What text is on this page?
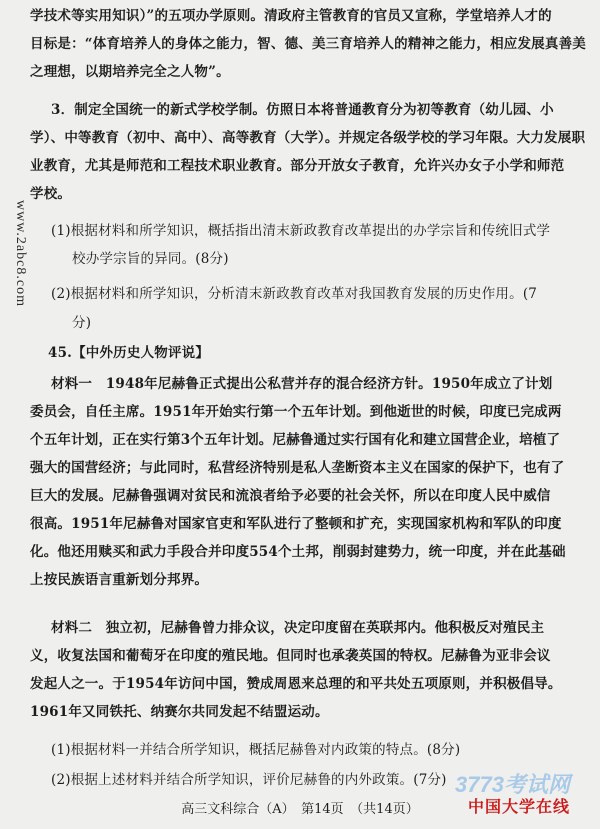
www.2abc8.com
学技术等实用知识）”的五项办学原则。清政府主管教育的官员又宣称，学堂培养人才的
目标是：“体育培养人的身体之能力，智、德、美三育培养人的精神之能力，相应发展真善美
之理想，以期培养完全之人物”。
3．制定全国统一的新式学校学制。仿照日本将普通教育分为初等教育（幼儿园、小
学）、中等教育（初中、高中）、高等教育（大学）。并规定各级学校的学习年限。大力发展职
业教育，尤其是师范和工程技术职业教育。部分开放女子教育，允许兴办女子小学和师范
学校。
(1)根据材料和所学知识，概括指出清末新政教育改革提出的办学宗旨和传统旧式学
校办学宗旨的异同。(8分)
(2)根据材料和所学知识，分析清末新政教育改革对我国教育发展的历史作用。(7
分)
45.【中外历史人物评说】
材料一　1948年尼赫鲁正式提出公私营并存的混合经济方针。1950年成立了计划
委员会，自任主席。1951年开始实行第一个五年计划。到他逝世的时候，印度已完成两
个五年计划，正在实行第3个五年计划。尼赫鲁通过实行国有化和建立国营企业，培植了
强大的国营经济；与此同时，私营经济特别是私人垄断资本主义在国家的保护下，也有了
巨大的发展。尼赫鲁强调对贫民和流浪者给予必要的社会关怀，所以在印度人民中威信
很高。1951年尼赫鲁对国家官吏和军队进行了整顿和扩充，实现国家机构和军队的印度
化。他还用赎买和武力手段合并印度554个土邦，削弱封建势力，统一印度，并在此基础
上按民族语言重新划分邦界。
材料二　独立初，尼赫鲁曾力排众议，决定印度留在英联邦内。他积极反对殖民主
义，收复法国和葡萄牙在印度的殖民地。但同时也承袭英国的特权。尼赫鲁为亚非会议
发起人之一。于1954年访问中国，赞成周恩来总理的和平共处五项原则，并积极倡导。
1961年又同铁托、纳赛尔共同发起不结盟运动。
(1)根据材料一并结合所学知识，概括尼赫鲁对内政策的特点。(8分)
(2)根据上述材料并结合所学知识，评价尼赫鲁的内外政策。(7分)
高三文科综合（A）　第14页　（共14页）
3773考试网
中国大学在线
